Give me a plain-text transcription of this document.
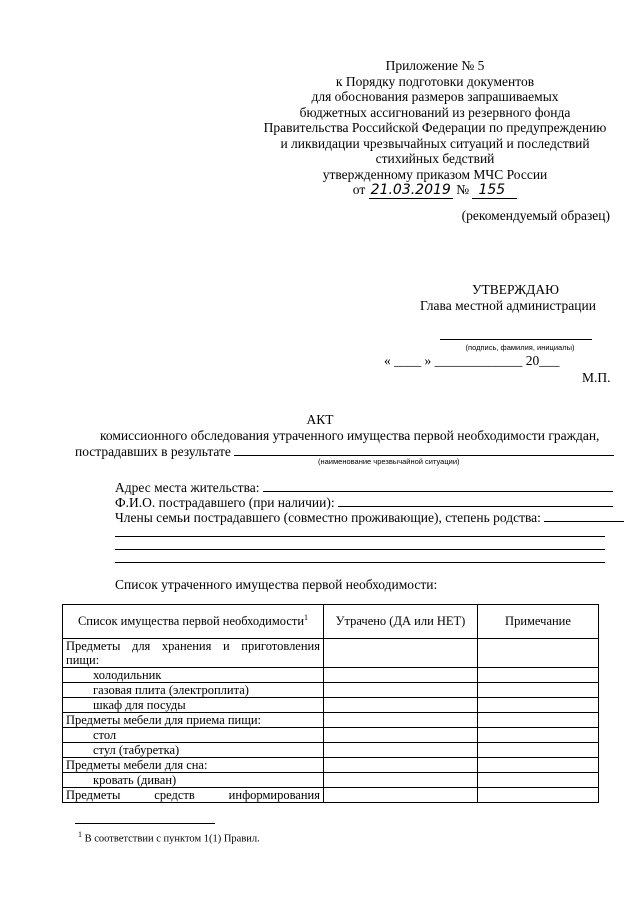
Приложение № 5
к Порядку подготовки документов
для обоснования размеров запрашиваемых
бюджетных ассигнований из резервного фонда
Правительства Российской Федерации по предупреждению
и ликвидации чрезвычайных ситуаций и последствий
стихийных бедствий
утвержденному приказом МЧС России
от 21.03.2019 № 155
(рекомендуемый образец)
УТВЕРЖДАЮ
Глава местной администрации
(подпись, фамилия, инициалы)
« ____ » _____________ 20___
М.П.
АКТ
комиссионного обследования утраченного имущества первой необходимости граждан,
пострадавших в результате
(наименование чрезвычайной ситуации)
Адрес места жительства:
Ф.И.О. пострадавшего (при наличии):
Члены семьи пострадавшего (совместно проживающие), степень родства:
Список утраченного имущества первой необходимости:
Список имущества первой необходимости$^1$	Утрачено (ДА или НЕТ)	Примечание
Предметы для хранения и приготовления пищи:		
холодильник		
газовая плита (электроплита)		
шкаф для посуды		
Предметы мебели для приема пищи:		
стол		
стул (табуретка)		
Предметы мебели для сна:		
кровать (диван)		
Предметы средств информирования		
$^1$ В соответствии с пунктом 1(1) Правил.
